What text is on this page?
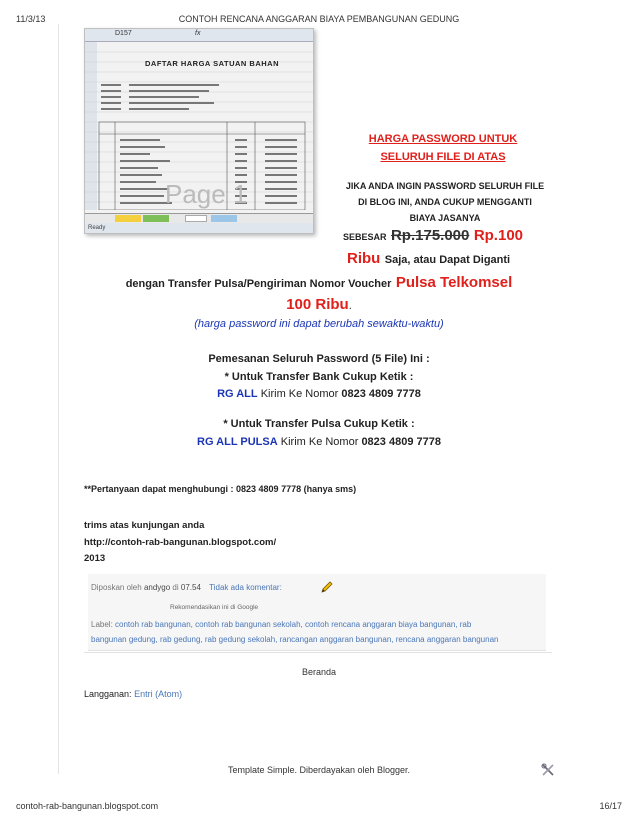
11/3/13	CONTOH RENCANA ANGGARAN BIAYA PEMBANGUNAN GEDUNG
D157	fx
DAFTAR HARGA SATUAN BAHAN
Page 1
Ready
HARGA PASSWORD UNTUK
SELURUH FILE DI ATAS
JIKA ANDA INGIN PASSWORD SELURUH FILE
DI BLOG INI, ANDA CUKUP MENGGANTI
BIAYA JASANYA
SEBESAR Rp.175.000 Rp.100
Ribu Saja, atau Dapat Diganti
dengan Transfer Pulsa/Pengiriman Nomor Voucher Pulsa Telkomsel
100 Ribu.
(harga password ini dapat berubah sewaktu-waktu)
Pemesanan Seluruh Password (5 File) Ini :
* Untuk Transfer Bank Cukup Ketik :
RG ALL Kirim Ke Nomor 0823 4809 7778
* Untuk Transfer Pulsa Cukup Ketik :
RG ALL PULSA Kirim Ke Nomor 0823 4809 7778
**Pertanyaan dapat menghubungi : 0823 4809 7778 (hanya sms)
trims atas kunjungan anda
http://contoh-rab-bangunan.blogspot.com/
2013
Diposkan oleh andygo di 07.54 Tidak ada komentar:
Rekomendasikan ini di Google
Label: contoh rab bangunan, contoh rab bangunan sekolah, contoh rencana anggaran biaya bangunan, rab
bangunan gedung, rab gedung, rab gedung sekolah, rancangan anggaran bangunan, rencana anggaran bangunan
Beranda
Langganan: Entri (Atom)
Template Simple. Diberdayakan oleh Blogger.
contoh-rab-bangunan.blogspot.com	16/17
